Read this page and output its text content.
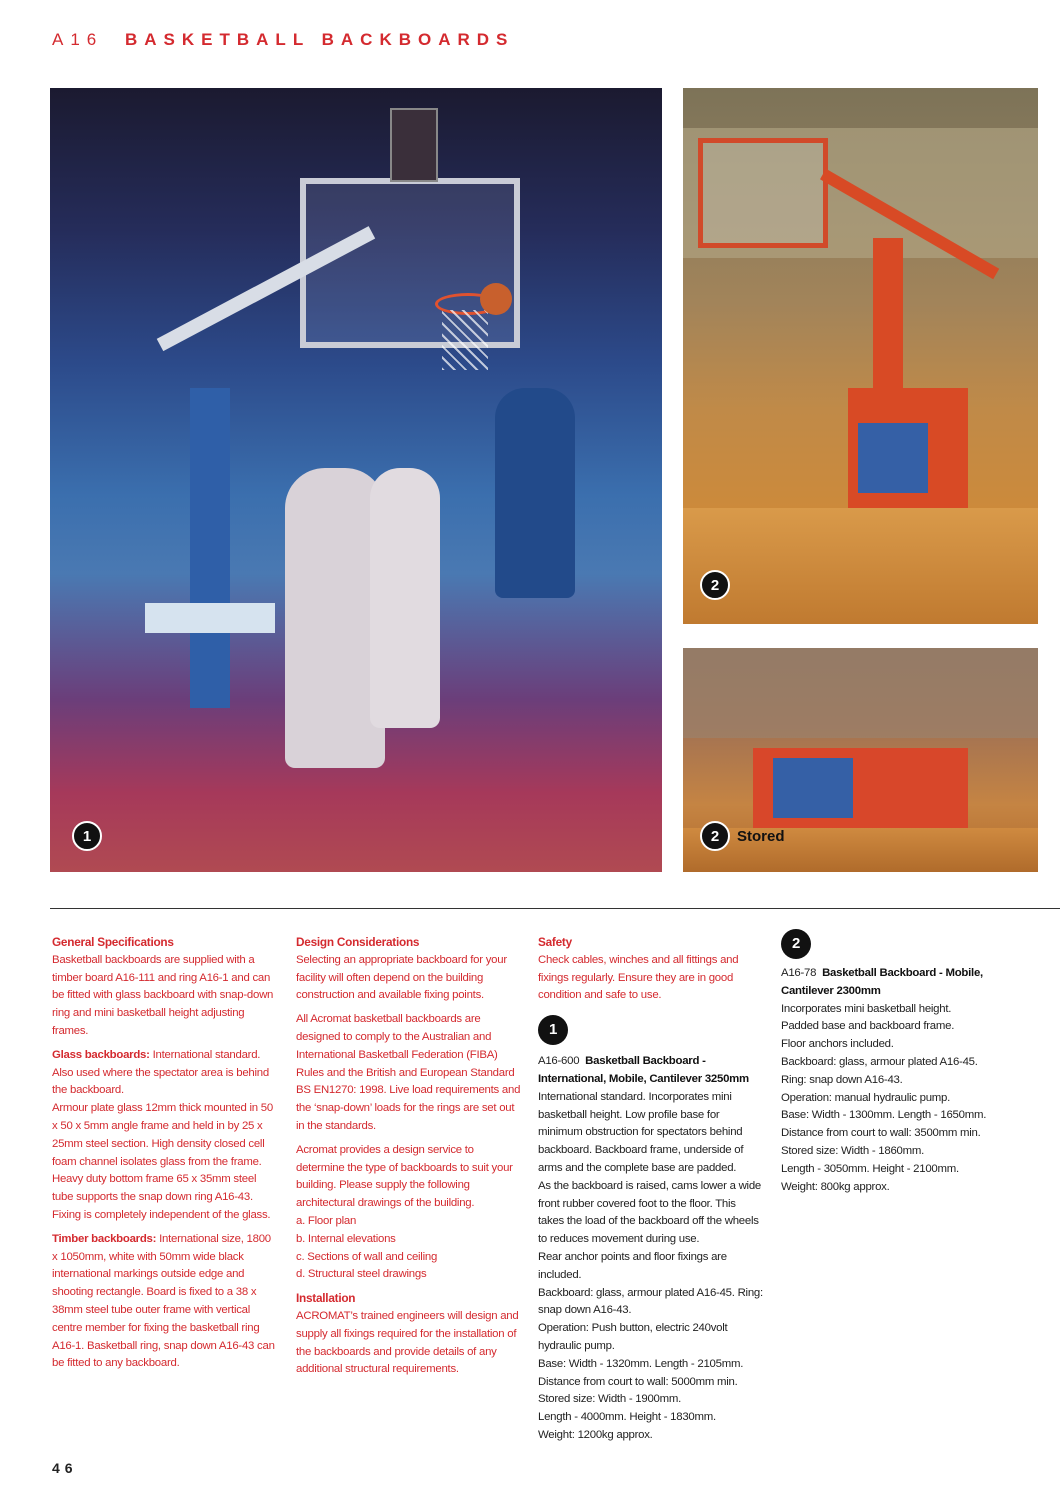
A16 BASKETBALL BACKBOARDS
1
2
2	Stored
General Specifications

Basketball backboards are supplied with a timber board A16-111 and ring A16-1 and can be fitted with glass backboard with snap-down ring and mini basketball height adjusting frames.

Glass backboards: International standard. Also used where the spectator area is behind the backboard.
Armour plate glass 12mm thick mounted in 50 x 50 x 5mm angle frame and held in by 25 x 25mm steel section. High density closed cell foam channel isolates glass from the frame. Heavy duty bottom frame 65 x 35mm steel tube supports the snap down ring A16-43. Fixing is completely independent of the glass.

Timber backboards: International size, 1800 x 1050mm, white with 50mm wide black international markings outside edge and shooting rectangle. Board is fixed to a 38 x 38mm steel tube outer frame with vertical centre member for fixing the basketball ring A16-1. Basketball ring, snap down A16-43 can be fitted to any backboard.

Design Considerations

Selecting an appropriate backboard for your facility will often depend on the building construction and available fixing points.

All Acromat basketball backboards are designed to comply to the Australian and International Basketball Federation (FIBA) Rules and the British and European Standard BS EN1270: 1998. Live load requirements and the ‘snap-down’ loads for the rings are set out in the standards.

Acromat provides a design service to determine the type of backboards to suit your building. Please supply the following architectural drawings of the building.

a. Floor plan
b. Internal elevations
c. Sections of wall and ceiling
d. Structural steel drawings
Installation

ACROMAT’s trained engineers will design and supply all fixings required for the installation of the backboards and provide details of any additional structural requirements.

Safety

Check cables, winches and all fittings and fixings regularly. Ensure they are in good condition and safe to use.

1
A16-600 Basketball Backboard - International, Mobile, Cantilever 3250mm

International standard. Incorporates mini basketball height. Low profile base for minimum obstruction for spectators behind backboard. Backboard frame, underside of arms and the complete base are padded.

As the backboard is raised, cams lower a wide front rubber covered foot to the floor. This takes the load of the backboard off the wheels to reduces movement during use.

Rear anchor points and floor fixings are included.

Backboard: glass, armour plated A16-45. Ring: snap down A16-43.

Operation: Push button, electric 240volt hydraulic pump.

Base: Width - 1320mm. Length - 2105mm.

Distance from court to wall: 5000mm min.

Stored size: Width - 1900mm.

Length - 4000mm. Height - 1830mm.

Weight: 1200kg approx.

2
A16-78 Basketball Backboard - Mobile, Cantilever 2300mm

Incorporates mini basketball height.

Padded base and backboard frame.

Floor anchors included.

Backboard: glass, armour plated A16-45.

Ring: snap down A16-43.

Operation: manual hydraulic pump.

Base: Width - 1300mm. Length - 1650mm.

Distance from court to wall: 3500mm min.

Stored size: Width - 1860mm.

Length - 3050mm. Height - 2100mm.

Weight: 800kg approx.

46
